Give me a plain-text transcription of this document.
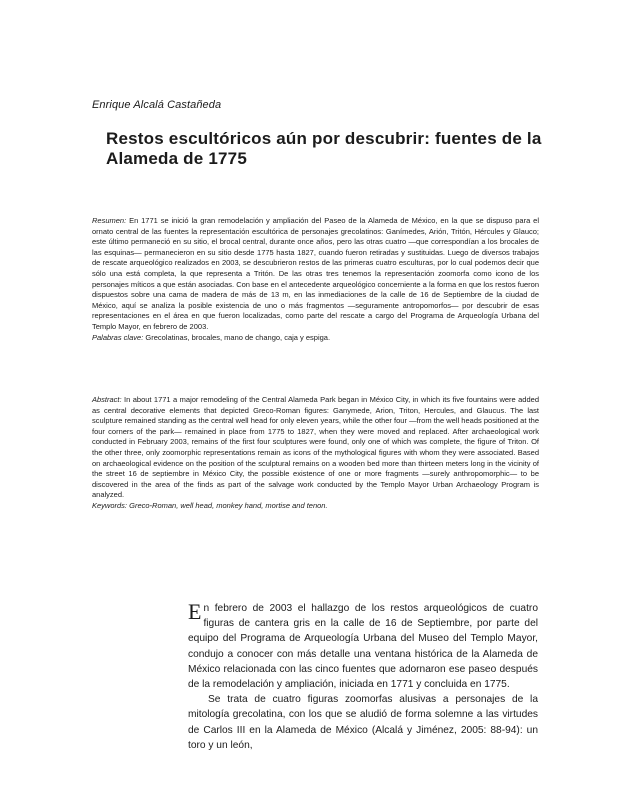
Enrique Alcalá Castañeda
Restos escultóricos aún por descubrir: fuentes de la Alameda de 1775

Resumen: En 1771 se inició la gran remodelación y ampliación del Paseo de la Alameda de México, en la que se dispuso para el ornato central de las fuentes la representación escultórica de personajes grecolatinos: Ganímedes, Arión, Tritón, Hércules y Glauco; este último permaneció en su sitio, el brocal central, durante once años, pero las otras cuatro —que correspondían a los brocales de las esquinas— permanecieron en su sitio desde 1775 hasta 1827, cuando fueron retiradas y sustituidas. Luego de diversos trabajos de rescate arqueológico realizados en 2003, se descubrieron restos de las primeras cuatro esculturas, por lo cual podemos decir que sólo una está completa, la que representa a Tritón. De las otras tres tenemos la representación zoomorfa como icono de los personajes míticos a que están asociadas. Con base en el antecedente arqueológico concerniente a la forma en que los restos fueron dispuestos sobre una cama de madera de más de 13 m, en las inmediaciones de la calle de 16 de Septiembre de la ciudad de México, aquí se analiza la posible existencia de uno o más fragmentos —seguramente antropomorfos— por descubrir de esas representaciones en el área en que fueron localizadas, como parte del rescate a cargo del Programa de Arqueología Urbana del Templo Mayor, en febrero de 2003.

Palabras clave: Grecolatinas, brocales, mano de chango, caja y espiga.

Abstract: In about 1771 a major remodeling of the Central Alameda Park began in México City, in which its five fountains were added as central decorative elements that depicted Greco-Roman figures: Ganymede, Arion, Triton, Hercules, and Glaucus. The last sculpture remained standing as the central well head for only eleven years, while the other four —from the well heads positioned at the four corners of the park— remained in place from 1775 to 1827, when they were moved and replaced. After archaeological work conducted in February 2003, remains of the first four sculptures were found, only one of which was complete, the figure of Triton. Of the other three, only zoomorphic representations remain as icons of the mythological figures with whom they were associated. Based on archaeological evidence on the position of the sculptural remains on a wooden bed more than thirteen meters long in the vicinity of the street 16 de septiembre in México City, the possible existence of one or more fragments —surely anthropomorphic— to be discovered in the area of the finds as part of the salvage work conducted by the Templo Mayor Urban Archaeology Program is analyzed.

Keywords: Greco-Roman, well head, monkey hand, mortise and tenon.

En febrero de 2003 el hallazgo de los restos arqueológicos de cuatro figuras de cantera gris en la calle de 16 de Septiembre, por parte del equipo del Programa de Arqueología Urbana del Museo del Templo Mayor, condujo a conocer con más detalle una ventana histórica de la Alameda de México relacionada con las cinco fuentes que adornaron ese paseo después de la remodelación y ampliación, iniciada en 1771 y concluida en 1775.

Se trata de cuatro figuras zoomorfas alusivas a personajes de la mitología grecolatina, con los que se aludió de forma solemne a las virtudes de Carlos III en la Alameda de México (Alcalá y Jiménez, 2005: 88-94): un toro y un león,
